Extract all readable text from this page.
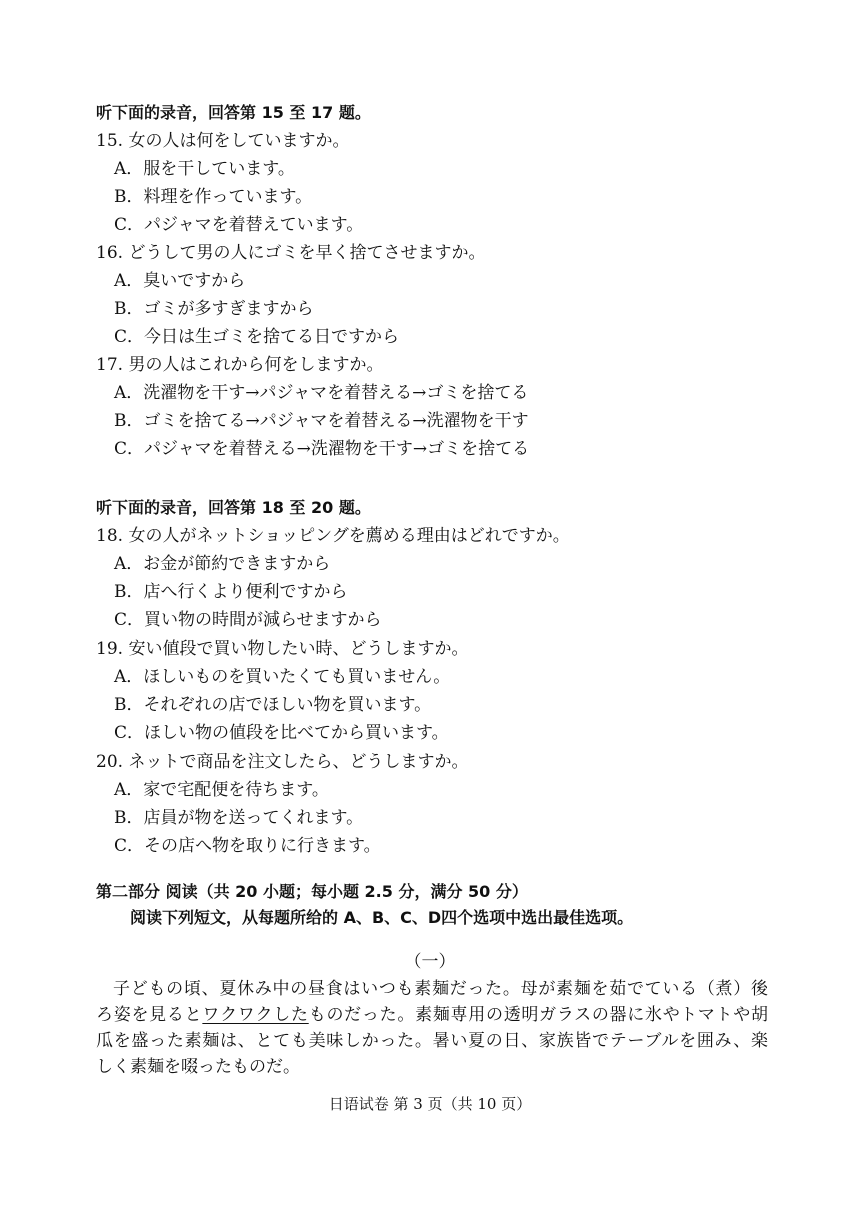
听下面的录音，回答第 15 至 17 题。
15. 女の人は何をしていますか。
A．服を干しています。
B．料理を作っています。
C．パジャマを着替えています。
16. どうして男の人にゴミを早く捨てさせますか。
A．臭いですから
B．ゴミが多すぎますから
C．今日は生ゴミを捨てる日ですから
17. 男の人はこれから何をしますか。
A．洗濯物を干す→パジャマを着替える→ゴミを捨てる
B．ゴミを捨てる→パジャマを着替える→洗濯物を干す
C．パジャマを着替える→洗濯物を干す→ゴミを捨てる
听下面的录音，回答第 18 至 20 题。
18. 女の人がネットショッピングを薦める理由はどれですか。
A．お金が節約できますから
B．店へ行くより便利ですから
C．買い物の時間が減らせますから
19. 安い値段で買い物したい時、どうしますか。
A．ほしいものを買いたくても買いません。
B．それぞれの店でほしい物を買います。
C．ほしい物の値段を比べてから買います。
20. ネットで商品を注文したら、どうしますか。
A．家で宅配便を待ちます。
B．店員が物を送ってくれます。
C．その店へ物を取りに行きます。
第二部分 阅读（共 20 小题；每小题 2.5 分，满分 50 分）
阅读下列短文，从每题所给的 A、B、C、D四个选项中选出最佳选项。
（一）
子どもの頃、夏休み中の昼食はいつも素麺だった。母が素麺を茹でている（煮）後
ろ姿を見るとワクワクしたものだった。素麺専用の透明ガラスの器に氷やトマトや胡
瓜を盛った素麺は、とても美味しかった。暑い夏の日、家族皆でテーブルを囲み、楽
しく素麺を啜ったものだ。
日语试卷 第 3 页（共 10 页）
